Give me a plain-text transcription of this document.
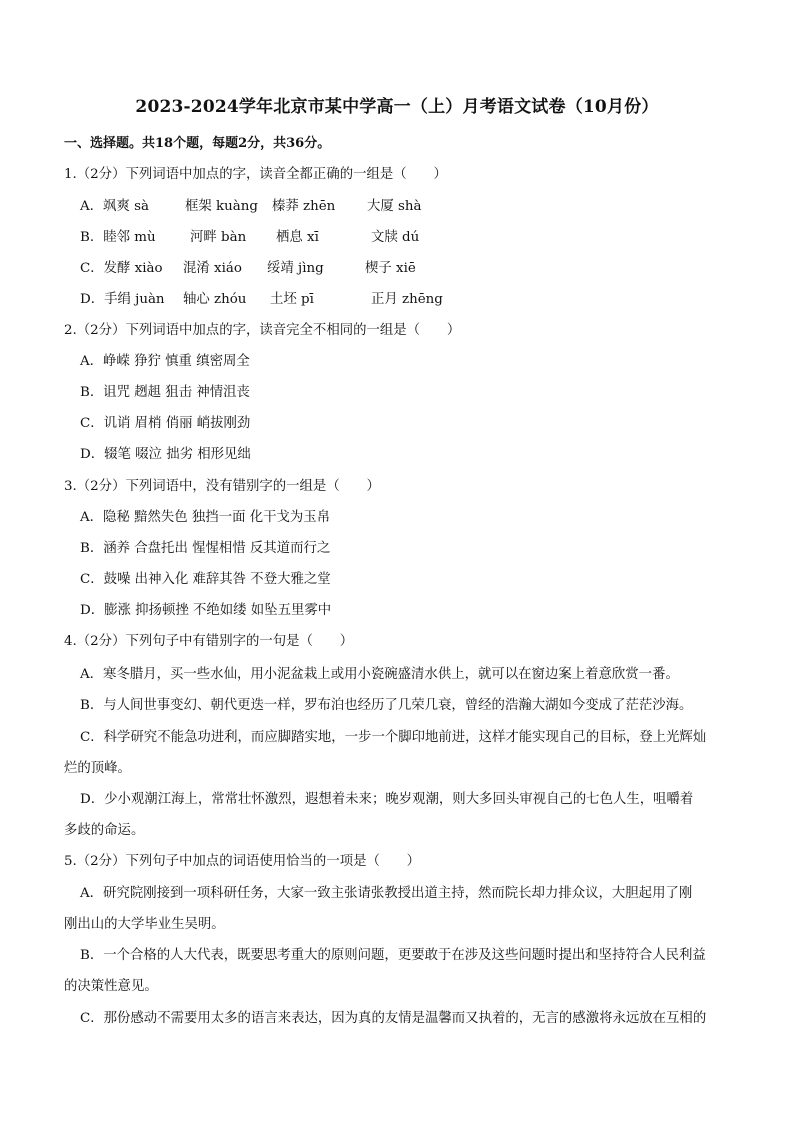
2023-2024学年北京市某中学高一（上）月考语文试卷（10月份）
一、选择题。共18个题，每题2分，共36分。
1.（2分）下列词语中加点的字，读音全都正确的一组是（　　）
A．飒爽 sà	框架 kuàng 榛莽 zhēn 大厦 shà
B．睦邻 mù	河畔 bàn 栖息 xī	文牍 dú
C．发酵 xiào 混淆 xiáo 绥靖 jìng	楔子 xiē
D．手绢 juàn 轴心 zhóu 土坯 pī	正月 zhēng
2.（2分）下列词语中加点的字，读音完全不相同的一组是（　　）
A．峥嵘 狰狞 慎重 缜密周全
B．诅咒 趔趄 狙击 神情沮丧
C．讥诮 眉梢 俏丽 峭拔刚劲
D．辍笔 啜泣 拙劣 相形见绌
3.（2分）下列词语中，没有错别字的一组是（　　）
A．隐秘 黯然失色 独挡一面 化干戈为玉帛
B．涵养 合盘托出 惺惺相惜 反其道而行之
C．鼓噪 出神入化 难辞其咎 不登大雅之堂
D．膨涨 抑扬顿挫 不绝如缕 如坠五里雾中
4.（2分）下列句子中有错别字的一句是（　　）
A．寒冬腊月，买一些水仙，用小泥盆栽上或用小瓷碗盛清水供上，就可以在窗边案上着意欣赏一番。
B．与人间世事变幻、朝代更迭一样，罗布泊也经历了几荣几衰，曾经的浩瀚大湖如今变成了茫茫沙海。
C．科学研究不能急功进利，而应脚踏实地，一步一个脚印地前进，这样才能实现自己的目标，登上光辉灿
烂的顶峰。
D．少小观潮江海上，常常壮怀激烈，遐想着未来；晚岁观潮，则大多回头审视自己的七色人生，咀嚼着
多歧的命运。
5.（2分）下列句子中加点的词语使用恰当的一项是（　　）
A．研究院刚接到一项科研任务，大家一致主张请张教授出道主持，然而院长却力排众议，大胆起用了刚
刚出山的大学毕业生吴明。
B．一个合格的人大代表，既要思考重大的原则问题，更要敢于在涉及这些问题时提出和坚持符合人民利益
的决策性意见。
C．那份感动不需要用太多的语言来表达，因为真的友情是温馨而又执着的，无言的感激将永远放在互相的
